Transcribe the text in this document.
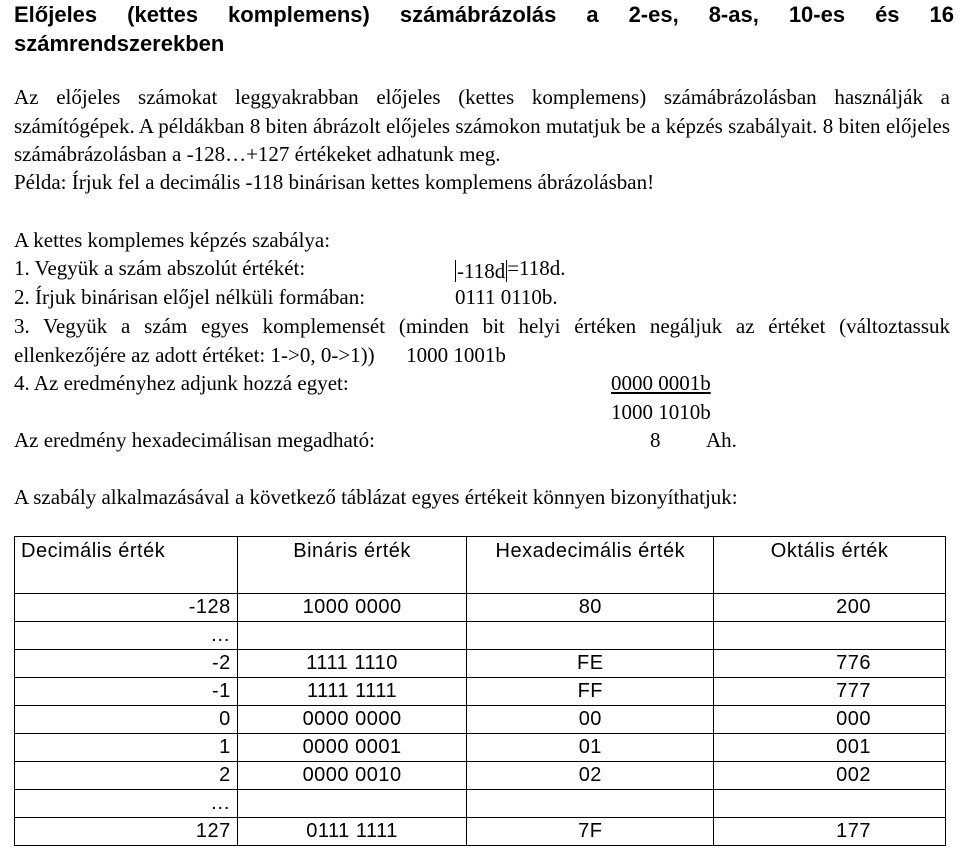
Előjeles (kettes komplemens) számábrázolás a 2-es, 8-as, 10-es és 16 számrendszerekben

Az előjeles számokat leggyakrabban előjeles (kettes komplemens) számábrázolásban használják a számítógépek. A példákban 8 biten ábrázolt előjeles számokon mutatjuk be a képzés szabályait. 8 biten előjeles számábrázolásban a -128…+127 értékeket adhatunk meg.

Példa: Írjuk fel a decimális -118 binárisan kettes komplemens ábrázolásban!
A kettes komplemes képzés szabálya:
1. Vegyük a szám abszolút értékét:	-118d=118d.
2. Írjuk binárisan előjel nélküli formában:	0111 0110b.

3. Vegyük a szám egyes komplemensét (minden bit helyi értéken negáljuk az értéket (változtassuk ellenkezőjére az adott értéket: 1->0, 0->1)) 1000 1001b

4. Az eredményhez adjunk hozzá egyet:	0000 0001b
1000 1010b
Az eredmény hexadecimálisan megadható:	8 Ah.
A szabály alkalmazásával a következő táblázat egyes értékeit könnyen bizonyíthatjuk:
Decimális érték	Bináris érték	Hexadecimális érték	Oktális érték
-128	1000 0000	80	200
…			
-2	1111 1110	FE	776
-1	1111 1111	FF	777
0	0000 0000	00	000
1	0000 0001	01	001
2	0000 0010	02	002
…			
127	0111 1111	7F	177
